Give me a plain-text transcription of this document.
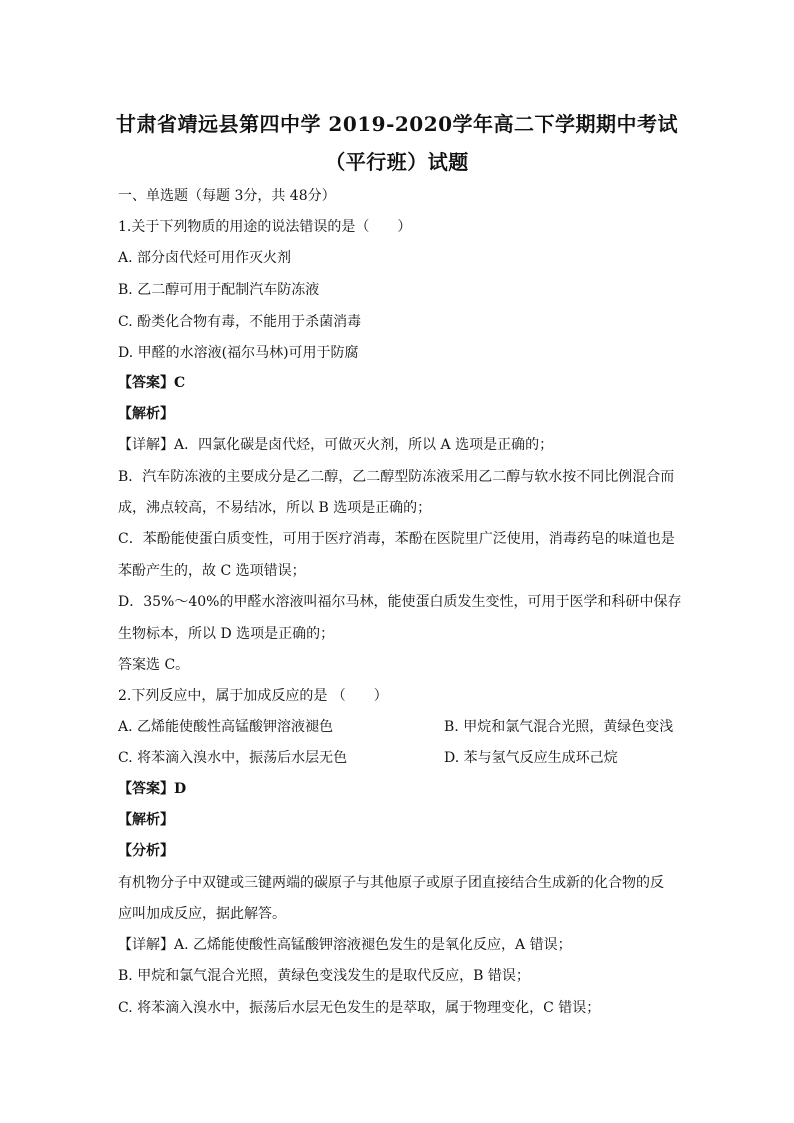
甘肃省靖远县第四中学 2019-2020学年高二下学期期中考试
（平行班）试题
一、单选题（每题 3分，共 48分）
1.关于下列物质的用途的说法错误的是（　　）
A. 部分卤代烃可用作灭火剂
B. 乙二醇可用于配制汽车防冻液
C. 酚类化合物有毒，不能用于杀菌消毒
D. 甲醛的水溶液(福尔马林)可用于防腐
【答案】C
【解析】
【详解】A．四氯化碳是卤代烃，可做灭火剂，所以 A 选项是正确的；
B．汽车防冻液的主要成分是乙二醇，乙二醇型防冻液采用乙二醇与软水按不同比例混合而
成，沸点较高，不易结冰，所以 B 选项是正确的；
C．苯酚能使蛋白质变性，可用于医疗消毒，苯酚在医院里广泛使用，消毒药皂的味道也是
苯酚产生的，故 C 选项错误；
D．35%～40%的甲醛水溶液叫福尔马林，能使蛋白质发生变性，可用于医学和科研中保存
生物标本，所以 D 选项是正确的；
答案选 C。
2.下列反应中，属于加成反应的是 （　　）
A. 乙烯能使酸性高锰酸钾溶液褪色	B. 甲烷和氯气混合光照，黄绿色变浅
C. 将苯滴入溴水中，振荡后水层无色	D. 苯与氢气反应生成环己烷
【答案】D
【解析】
【分析】
有机物分子中双键或三键两端的碳原子与其他原子或原子团直接结合生成新的化合物的反
应叫加成反应，据此解答。
【详解】A. 乙烯能使酸性高锰酸钾溶液褪色发生的是氧化反应，A 错误；
B. 甲烷和氯气混合光照，黄绿色变浅发生的是取代反应，B 错误；
C. 将苯滴入溴水中，振荡后水层无色发生的是萃取，属于物理变化，C 错误；
